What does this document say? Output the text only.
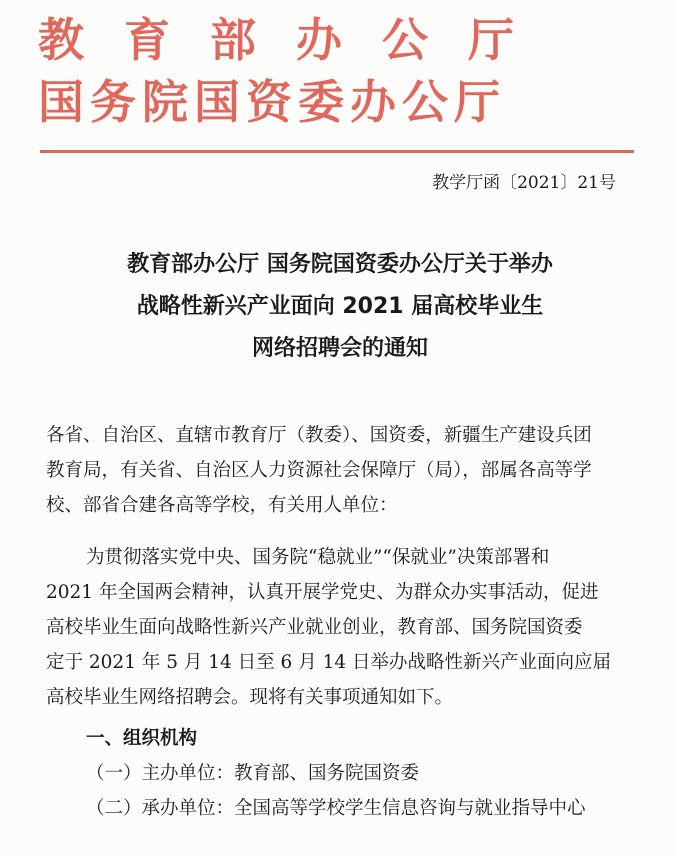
教育部办公厅
国务院国资委办公厅
教学厅函〔2021〕21号
教育部办公厅 国务院国资委办公厅关于举办
战略性新兴产业面向 2021 届高校毕业生
网络招聘会的通知
各省、自治区、直辖市教育厅（教委）、国资委，新疆生产建设兵团
教育局，有关省、自治区人力资源社会保障厅（局），部属各高等学
校、部省合建各高等学校，有关用人单位：
为贯彻落实党中央、国务院“稳就业”“保就业”决策部署和
2021 年全国两会精神，认真开展学党史、为群众办实事活动，促进
高校毕业生面向战略性新兴产业就业创业，教育部、国务院国资委
定于 2021 年 5 月 14 日至 6 月 14 日举办战略性新兴产业面向应届
高校毕业生网络招聘会。现将有关事项通知如下。
一、组织机构
（一）主办单位：教育部、国务院国资委
（二）承办单位：全国高等学校学生信息咨询与就业指导中心
